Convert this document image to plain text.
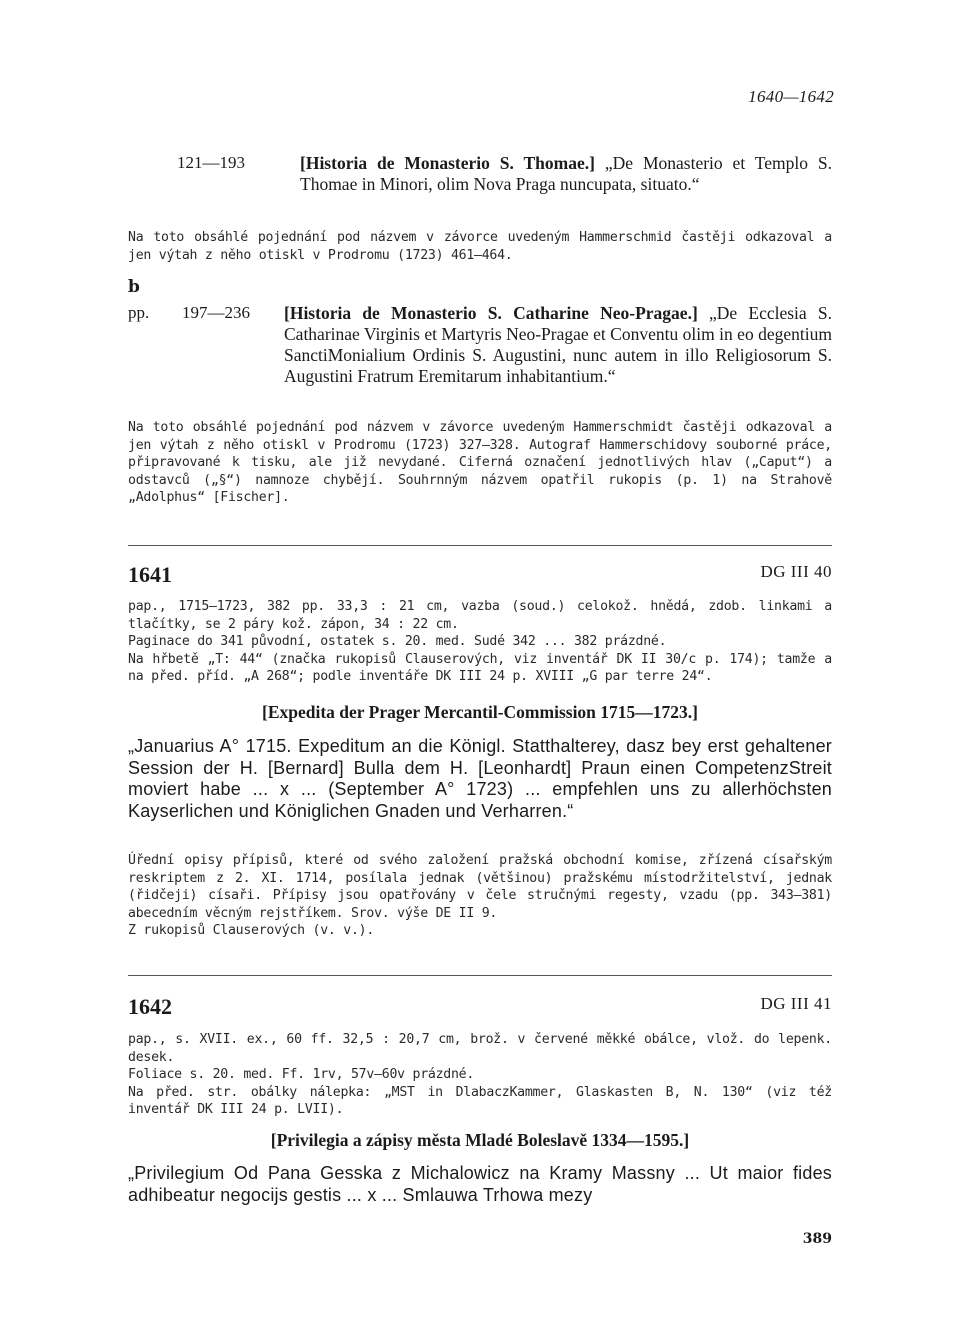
1640—1642
121—193	[Historia de Monasterio S. Thomae.] „De Monasterio et Templo S. Thomae in Minori, olim Nova Praga nuncupata, situato.“
Na toto obsáhlé pojednání pod názvem v závorce uvedeným Hammerschmid častěji odkazoval a jen výtah z něho otiskl v Prodromu (1723) 461—464.
b
pp. 197—236 [Historia de Monasterio S. Catharine Neo-Pragae.] „De Ecclesia S. Catharinae Virginis et Martyris Neo-Pragae et Conventu olim in eo degentium SanctiMonialium Ordinis S. Augustini, nunc autem in illo Religiosorum S. Augustini Fratrum Eremitarum inhabitantium.“
Na toto obsáhlé pojednání pod názvem v závorce uvedeným Hammerschmidt častěji odkazoval a jen výtah z něho otiskl v Prodromu (1723) 327—328. Autograf Hammerschidovy souborné práce, připravované k tisku, ale již nevydané. Ciferná označení jednotlivých hlav („Caput“) a odstavců („§“) namnoze chybějí. Souhrnným názvem opatřil rukopis (p. 1) na Strahově „Adolphus“ [Fischer].
1641	DG III 40

pap., 1715—1723, 382 pp. 33,3 : 21 cm, vazba (soud.) celokož. hnědá, zdob. linkami a tlačítky, se 2 páry kož. zápon, 34 : 22 cm.

Paginace do 341 původní, ostatek s. 20. med. Sudé 342 ... 382 prázdné.

Na hřbetě „T: 44“ (značka rukopisů Clauserových, viz inventář DK II 30/c p. 174); tamže a na před. příd. „A 268“; podle inventáře DK III 24 p. XVIII „G par terre 24“.

[Expedita der Prager Mercantil-Commission 1715—1723.]
„Januarius A° 1715. Expeditum an die Königl. Statthalterey, dasz bey erst gehaltener Session der H. [Bernard] Bulla dem H. [Leonhardt] Praun einen CompetenzStreit moviert habe ... x ... (September A° 1723) ... empfehlen uns zu allerhöchsten Kayserlichen und Königlichen Gnaden und Verharren.“

Úřední opisy přípisů, které od svého založení pražská obchodní komise, zřízená císařským reskriptem z 2. XI. 1714, posílala jednak (většinou) pražskému místodržitelství, jednak (řidčeji) císaři. Přípisy jsou opatřovány v čele stručnými regesty, vzadu (pp. 343—381) abecedním věcným rejstříkem. Srov. výše DE II 9.

Z rukopisů Clauserových (v. v.).

1642	DG III 41

pap., s. XVII. ex., 60 ff. 32,5 : 20,7 cm, brož. v červené měkké obálce, vlož. do lepenk. desek.

Foliace s. 20. med. Ff. 1rv, 57v—60v prázdné.

Na před. str. obálky nálepka: „MST in DlabaczKammer, Glaskasten B, N. 130“ (viz též inventář DK III 24 p. LVII).

[Privilegia a zápisy města Mladé Boleslavě 1334—1595.]
„Privilegium Od Pana Gesska z Michalowicz na Kramy Massny ... Ut maior fides adhibeatur negocijs gestis ... x ... Smlauwa Trhowa mezy
389
